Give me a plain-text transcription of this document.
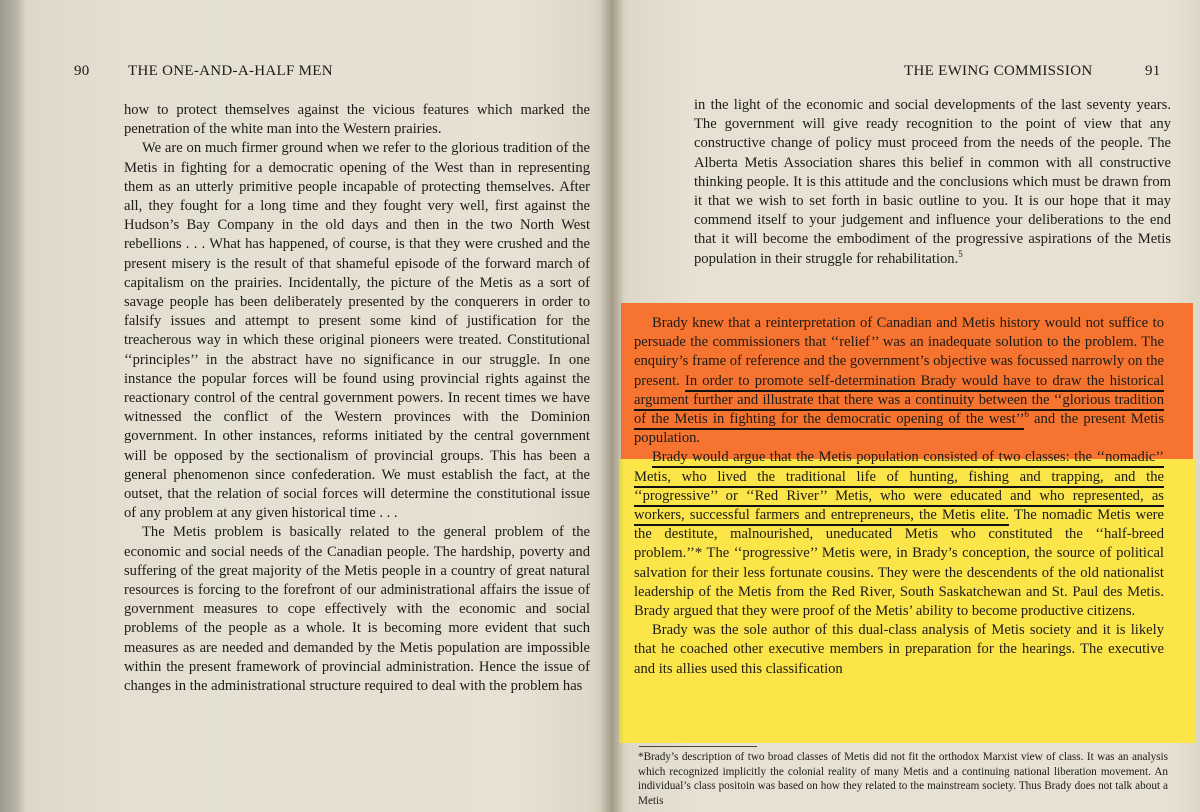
90	THE ONE-AND-A-HALF MEN

how to protect themselves against the vicious features which marked the penetration of the white man into the Western prairies.

We are on much firmer ground when we refer to the glorious tradition of the Metis in fighting for a democratic opening of the West than in representing them as an utterly primitive people incapable of protecting themselves. After all, they fought for a long time and they fought very well, first against the Hudson’s Bay Company in the old days and then in the two North West rebellions . . . What has happened, of course, is that they were crushed and the present misery is the result of that shameful episode of the forward march of capitalism on the prairies. Incidentally, the picture of the Metis as a sort of savage people has been deliberately presented by the conquerers in order to falsify issues and attempt to present some kind of justification for the treacherous way in which these original pioneers were treated. Constitutional ‘‘principles’’ in the abstract have no significance in our struggle. In one instance the popular forces will be found using provincial rights against the reactionary control of the central government powers. In recent times we have witnessed the conflict of the Western provinces with the Dominion government. In other instances, reforms initiated by the central government will be opposed by the sectionalism of provincial groups. This has been a general phenomenon since confederation. We must establish the fact, at the outset, that the relation of social forces will determine the constitutional issue of any problem at any given historical time . . .

The Metis problem is basically related to the general problem of the economic and social needs of the Canadian people. The hardship, poverty and suffering of the great majority of the Metis people in a country of great natural resources is forcing to the forefront of our administrational affairs the issue of government measures to cope effectively with the economic and social problems of the people as a whole. It is becoming more evident that such measures as are needed and demanded by the Metis population are impossible within the present framework of provincial administration. Hence the issue of changes in the administrational structure required to deal with the problem has

THE EWING COMMISSION	91

in the light of the economic and social developments of the last seventy years. The government will give ready recognition to the point of view that any constructive change of policy must proceed from the needs of the people. The Alberta Metis Association shares this belief in common with all constructive thinking people. It is this attitude and the conclusions which must be drawn from it that we wish to set forth in basic outline to you. It is our hope that it may commend itself to your judgement and influence your deliberations to the end that it will become the embodiment of the progressive aspirations of the Metis population in their struggle for rehabilitation.$^5$

Brady knew that a reinterpretation of Canadian and Metis history would not suffice to persuade the commissioners that ‘‘relief’’ was an inadequate solution to the problem. The enquiry’s frame of reference and the government’s objective was focussed narrowly on the present. In order to promote self-determination Brady would have to draw the historical argument further and illustrate that there was a continuity between the ‘‘glorious tradition of the Metis in fighting for the democratic opening of the west’’$^6$ and the present Metis population.

Brady would argue that the Metis population consisted of two classes: the ‘‘nomadic’’ Metis, who lived the traditional life of hunting, fishing and trapping, and the ‘‘progressive’’ or ‘‘Red River’’ Metis, who were educated and who represented, as workers, successful farmers and entrepreneurs, the Metis elite. The nomadic Metis were the destitute, malnourished, uneducated Metis who constituted the ‘‘half-breed problem.’’* The ‘‘progressive’’ Metis were, in Brady’s conception, the source of political salvation for their less fortunate cousins. They were the descendents of the old nationalist leadership of the Metis from the Red River, South Saskatchewan and St. Paul des Metis. Brady argued that they were proof of the Metis’ ability to become productive citizens.

Brady was the sole author of this dual-class analysis of Metis society and it is likely that he coached other executive members in preparation for the hearings. The executive and its allies used this classification

*Brady’s description of two broad classes of Metis did not fit the orthodox Marxist view of class. It was an analysis which recognized implicitly the colonial reality of many Metis and a continuing national liberation movement. An individual’s class positoin was based on how they related to the mainstream society. Thus Brady does not talk about a Metis
